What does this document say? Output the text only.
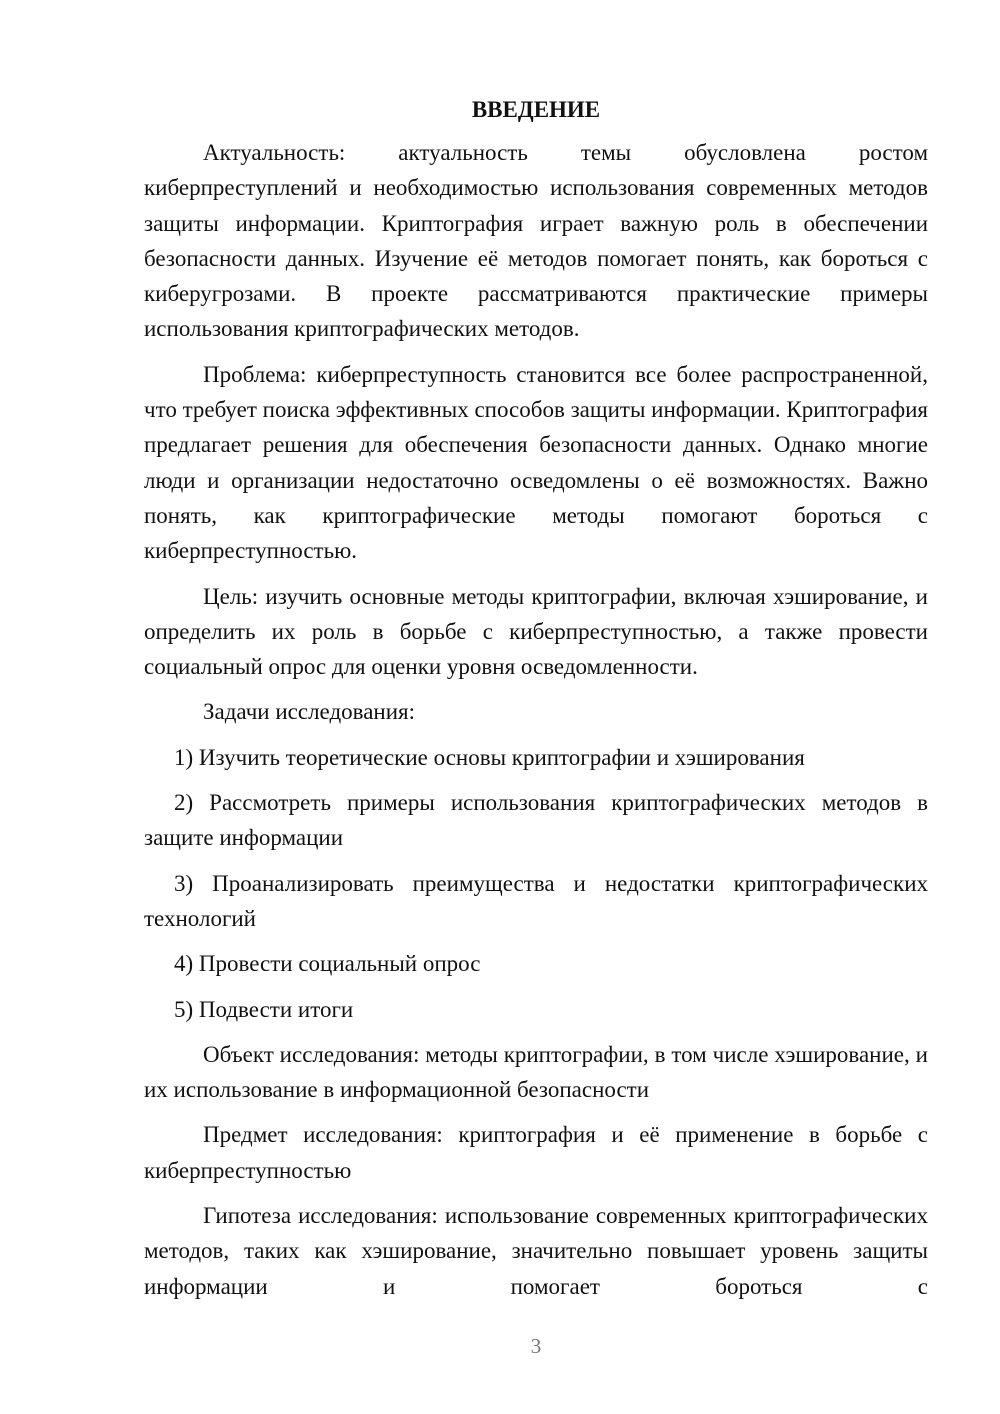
ВВЕДЕНИЕ

Актуальность: актуальность темы обусловлена ростом киберпреступлений и необходимостью использования современных методов защиты информации. Криптография играет важную роль в обеспечении безопасности данных. Изучение её методов помогает понять, как бороться с киберугрозами. В проекте рассматриваются практические примеры использования криптографических методов.

Проблема: киберпреступность становится все более распространенной, что требует поиска эффективных способов защиты информации. Криптография предлагает решения для обеспечения безопасности данных. Однако многие люди и организации недостаточно осведомлены о её возможностях. Важно понять, как криптографические методы помогают бороться с киберпреступностью.

Цель: изучить основные методы криптографии, включая хэширование, и определить их роль в борьбе с киберпреступностью, а также провести социальный опрос для оценки уровня осведомленности.

Задачи исследования:

1) Изучить теоретические основы криптографии и хэширования

2) Рассмотреть примеры использования криптографических методов в защите информации

3) Проанализировать преимущества и недостатки криптографических технологий

4) Провести социальный опрос

5) Подвести итоги

Объект исследования: методы криптографии, в том числе хэширование, и их использование в информационной безопасности

Предмет исследования: криптография и её применение в борьбе с киберпреступностью

Гипотеза исследования: использование современных криптографических методов, таких как хэширование, значительно повышает уровень защиты информации и помогает бороться с

3
